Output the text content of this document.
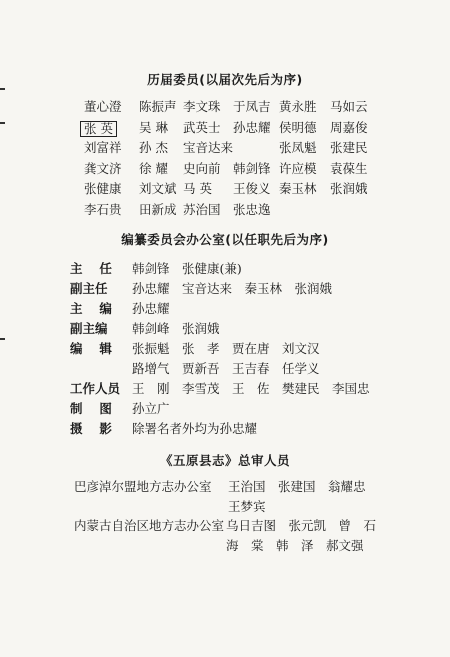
历届委员(以届次先后为序)
董心澄 陈振声 李文珠 于凤吉 黄永胜 马如云
张 英	吴 琳 武英士 孙忠耀 侯明德 周嘉俊
刘富祥 孙 杰 宝音达来	张凤魁 张建民
龚文济 徐 耀 史向前 韩剑锋 许应模 袁葆生
张健康 刘文斌 马 英 王俊义 秦玉林 张润娥
李石贵 田新成 苏治国 张忠逸
编纂委员会办公室(以任职先后为序)
主　 任 韩剑锋　张健康(兼)
副主任 孙忠耀　宝音达来　秦玉林　张润娥
主　 编 孙忠耀
副主编 韩剑峰　张润娥
编　 辑 张振魁　张　孝　贾在唐　刘文汉
路增气　贾新吾　王吉春　任学义
工作人员 王　刚　李雪茂　王　佐　樊建民　李国忠
制　 图 孙立广
摄　 影 除署名者外均为孙忠耀
《五原县志》总审人员
巴彦淖尔盟地方志办公室 王治国　张建国　翁耀忠
王梦宾
内蒙古自治区地方志办公室 乌日吉图　张元凯　曾　石
海　棠　韩　泽　郝文强
